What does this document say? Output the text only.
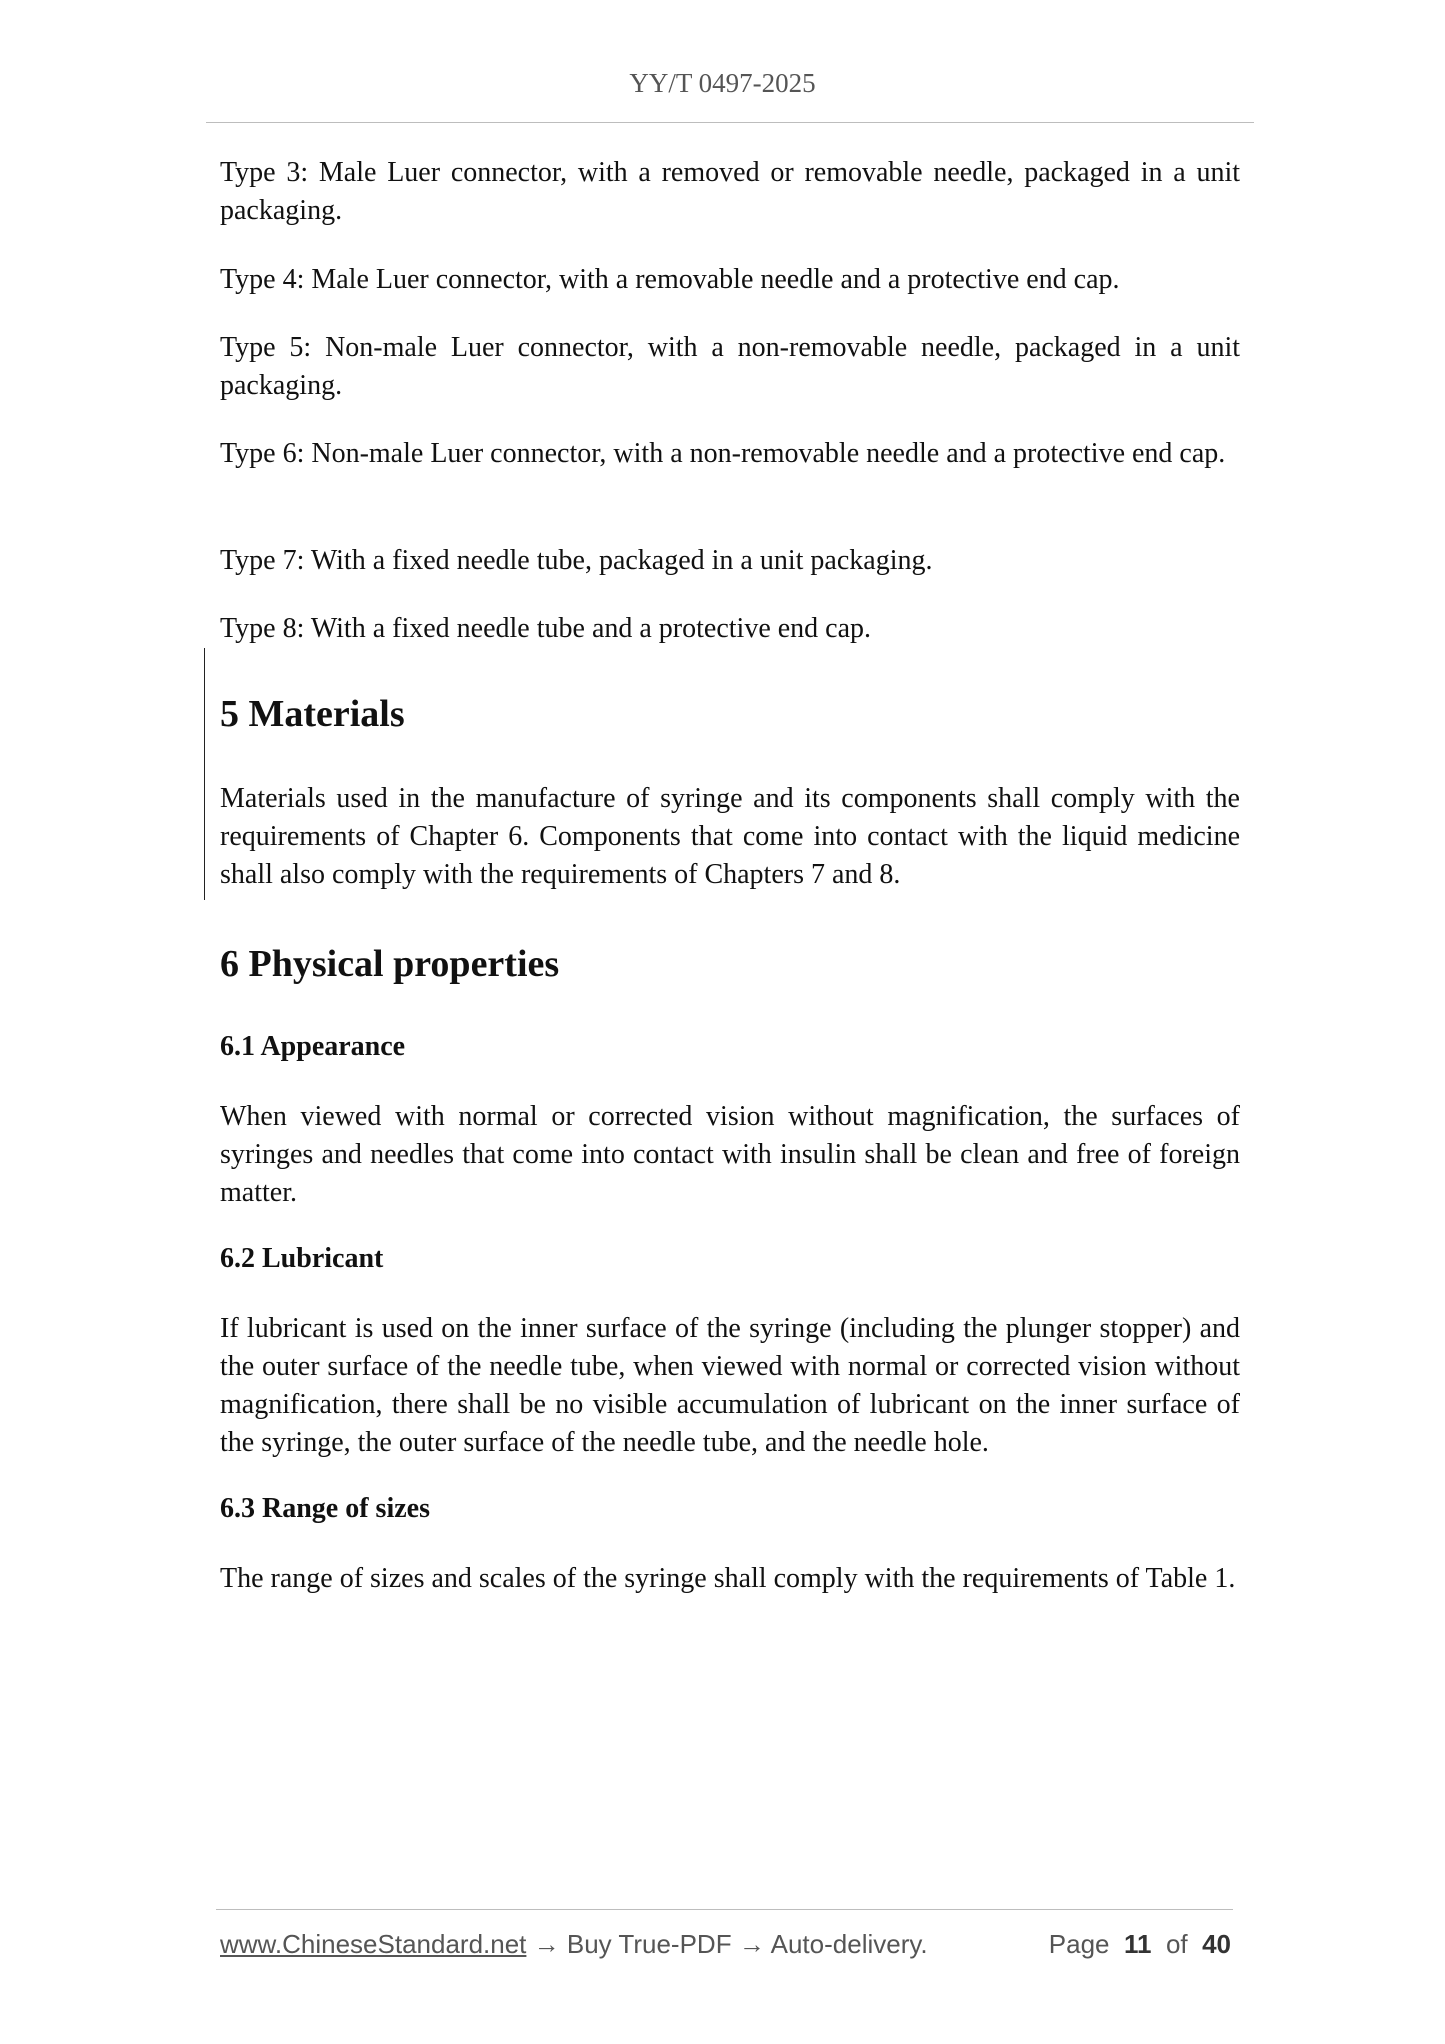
YY/T 0497-2025

Type 3: Male Luer connector, with a removed or removable needle, packaged in a unit packaging.

Type 4: Male Luer connector, with a removable needle and a protective end cap.

Type 5: Non-male Luer connector, with a non-removable needle, packaged in a unit packaging.

Type 6: Non-male Luer connector, with a non-removable needle and a protective end cap.

Type 7: With a fixed needle tube, packaged in a unit packaging.

Type 8: With a fixed needle tube and a protective end cap.

5 Materials

Materials used in the manufacture of syringe and its components shall comply with the requirements of Chapter 6. Components that come into contact with the liquid medicine shall also comply with the requirements of Chapters 7 and 8.

6 Physical properties
6.1 Appearance

When viewed with normal or corrected vision without magnification, the surfaces of syringes and needles that come into contact with insulin shall be clean and free of foreign matter.

6.2 Lubricant

If lubricant is used on the inner surface of the syringe (including the plunger stopper) and the outer surface of the needle tube, when viewed with normal or corrected vision without magnification, there shall be no visible accumulation of lubricant on the inner surface of the syringe, the outer surface of the needle tube, and the needle hole.

6.3 Range of sizes

The range of sizes and scales of the syringe shall comply with the requirements of Table 1.

www.ChineseStandard.net → Buy True-PDF → Auto-delivery.	Page 11 of 40
